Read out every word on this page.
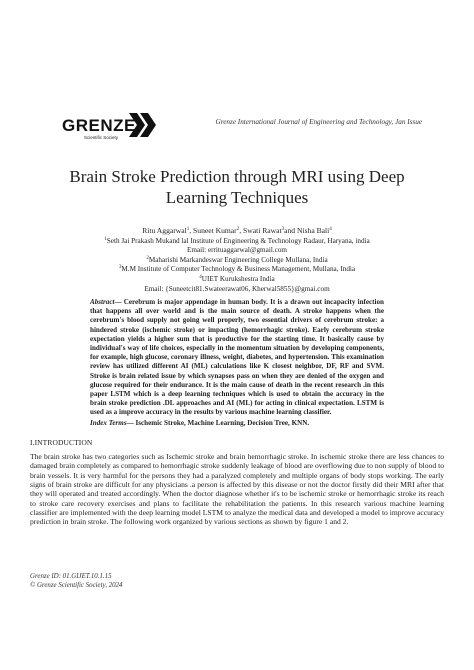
GRENZE
Scientific Society
Grenze International Journal of Engineering and Technology, Jan Issue
Brain Stroke Prediction through MRI using Deep
Learning Techniques
Ritu Aggarwal$^1$, Suneet Kumar$^2$, Swati Rawat$^3$and Nisha Bali$^4$
$^1$Seth Jai Prakash Mukand lal Institute of Engineering & Technology Radaur, Haryana, india
Email: errituaggarwal@gmail.com
$^2$Maharishi Markandeswar Engineering College Mullana, India
$^3$M.M Institute of Computer Technology & Business Management, Mullana, India
$^4$UIET Kurukshestra India
Email: {Suneetcit81.Swateerawat06, Kherwal5855}@gmai.com
Abstract— Cerebrum is major appendage in human body. It is a drawn out incapacity infection that happens all over world and is the main source of death. A stroke happens when the cerebrum's blood supply not going well properly, two essential drivers of cerebrum stroke: a hindered stroke (ischemic stroke) or impacting (hemorrhagic stroke). Early cerebrum stroke expectation yields a higher sum that is productive for the starting time. It basically cause by individual's way of life choices, especially in the momentum situation by developing components, for example, high glucose, coronary illness, weight, diabetes, and hypertension. This examination review has utilized different AI (ML) calculations like K closest neighbor, DF, RF and SVM. Stroke is brain related issue by which synapses pass on when they are denied of the oxygen and glucose required for their endurance. It is the main cause of death in the recent research .in this paper LSTM which is a deep learning techniques which is used to obtain the accuracy in the brain stroke prediction .DL approaches and AI (ML) for acting in clinical expectation. LSTM is used as a improve accuracy in the results by various machine learning classifier.
Index Terms— Ischemic Stroke, Machine Learning, Decision Tree, KNN.
I.INTRODUCTION
The brain stroke has two categories such as Ischemic stroke and brain hemorrhagic stroke. In ischemic stroke there are less chances to damaged brain completely as compared to hemorrhagic stroke suddenly leakage of blood are overflowing due to non supply of blood to brain vessels. It is very harmful for the persons they had a paralyzed completely and multiple organs of body stops working. The early signs of brain stroke are difficult for any physicians .a person is affected by this disease or not the doctor firstly did their MRI after that they will operated and treated accordingly. When the doctor diagnose whether it's to be ischemic stroke or hemorrhagic stroke its reach to stroke care recovery exercises and plans to facilitate the rehabilitation the patients. In this research various machine learning classifier are implemented with the deep learning model LSTM to analyze the medical data and developed a model to improve accuracy prediction in brain stroke. The following work organized by various sections as shown by figure 1 and 2.
Grenze ID: 01.GIJET.10.1.15
© Grenze Scientific Society, 2024
